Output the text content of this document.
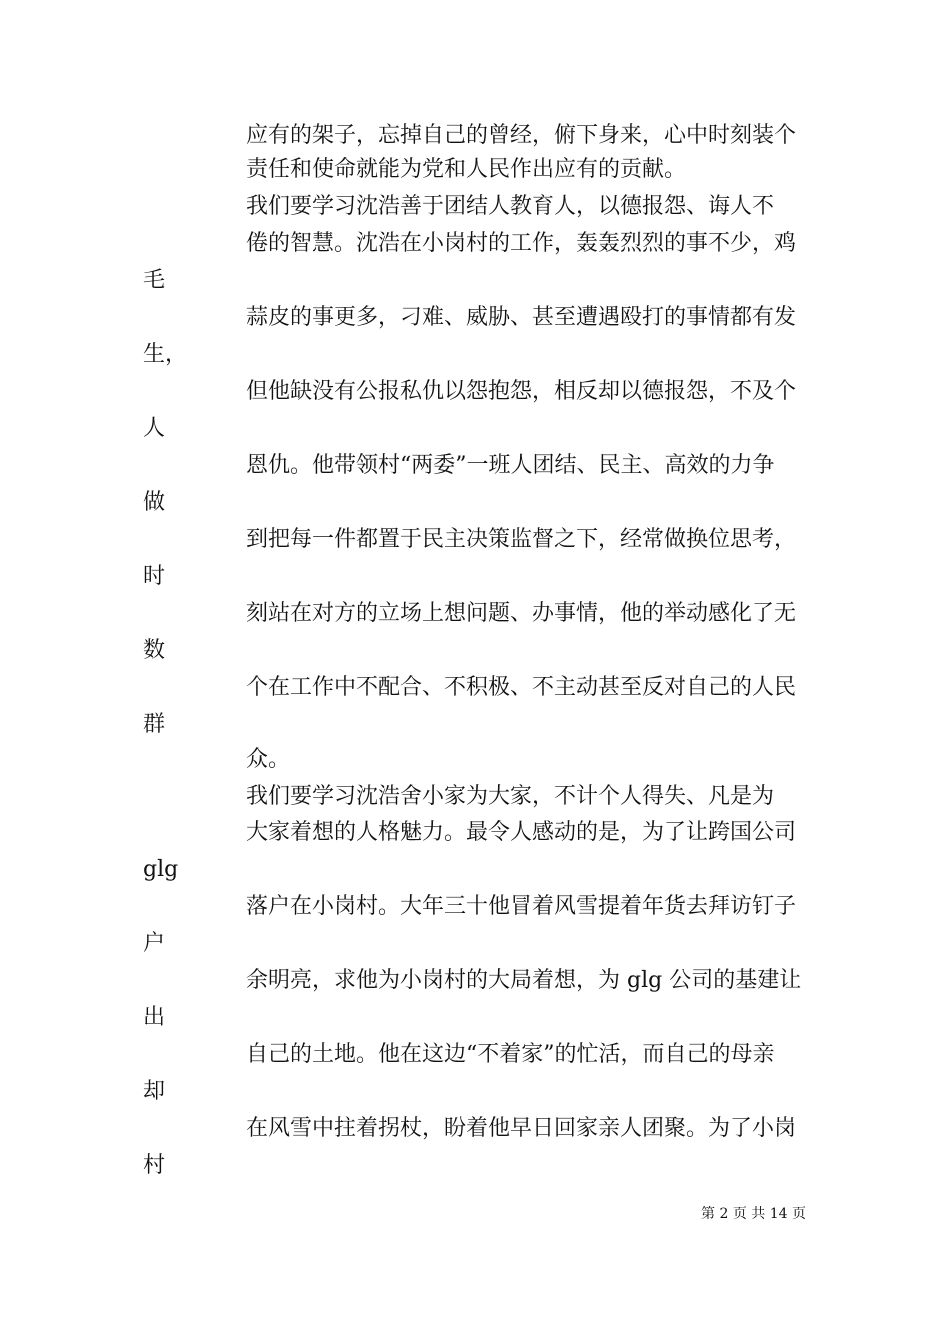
应有的架子，忘掉自己的曾经，俯下身来，心中时刻装个
责任和使命就能为党和人民作出应有的贡献。
我们要学习沈浩善于团结人教育人，以德报怨、诲人不
倦的智慧。沈浩在小岗村的工作，轰轰烈烈的事不少，鸡
毛
蒜皮的事更多，刁难、威胁、甚至遭遇殴打的事情都有发
生，
但他缺没有公报私仇以怨抱怨，相反却以德报怨，不及个
人
恩仇。他带领村“两委”一班人团结、民主、高效的力争
做
到把每一件都置于民主决策监督之下，经常做换位思考，
时
刻站在对方的立场上想问题、办事情，他的举动感化了无
数
个在工作中不配合、不积极、不主动甚至反对自己的人民
群
众。
我们要学习沈浩舍小家为大家，不计个人得失、凡是为
大家着想的人格魅力。最令人感动的是，为了让跨国公司
glg
落户在小岗村。大年三十他冒着风雪提着年货去拜访钉子
户
余明亮，求他为小岗村的大局着想，为 glg 公司的基建让
出
自己的土地。他在这边“不着家”的忙活，而自己的母亲
却
在风雪中拄着拐杖，盼着他早日回家亲人团聚。为了小岗
村
第 2 页 共 14 页
